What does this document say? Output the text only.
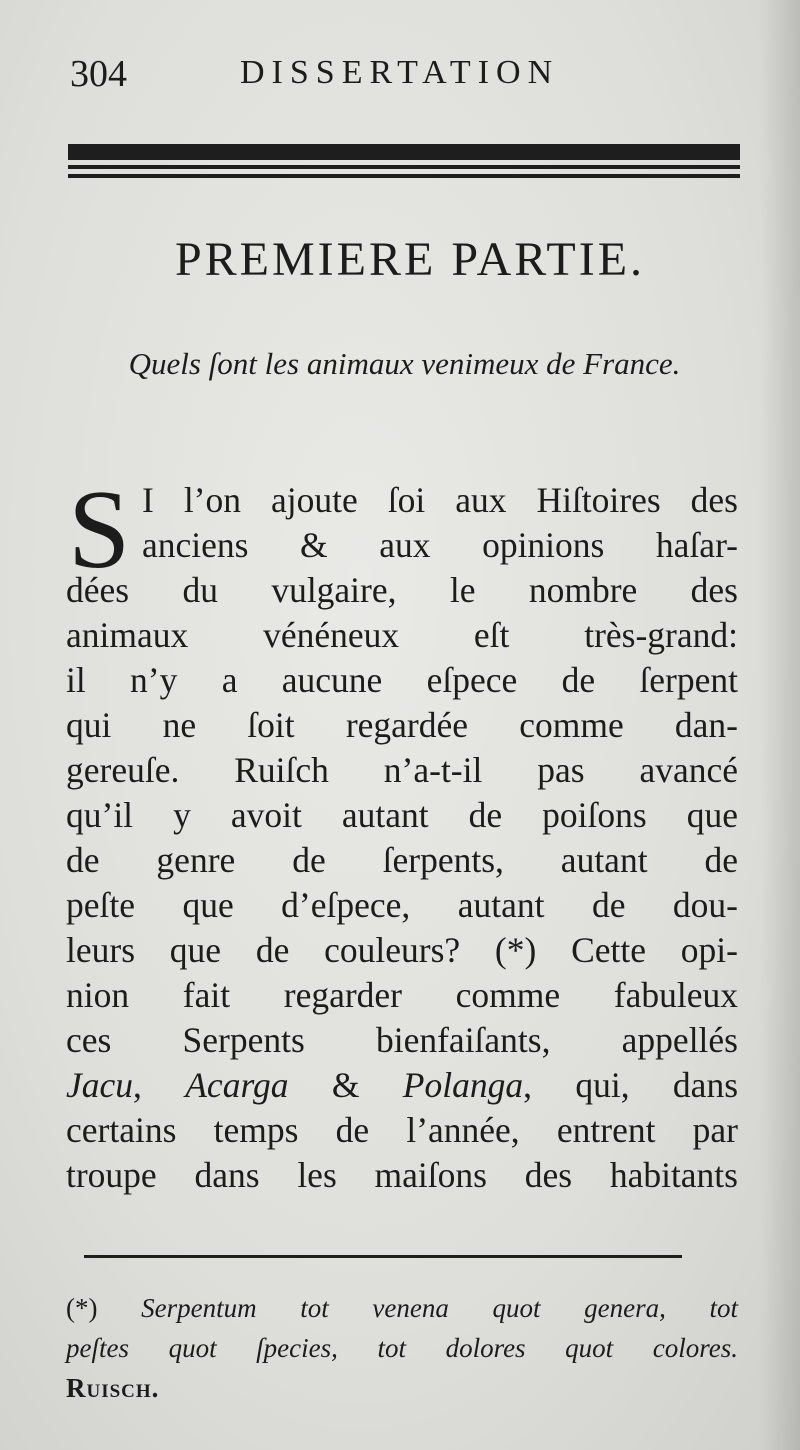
304	DISSERTATION
PREMIERE PARTIE.
Quels ſont les animaux venimeux de France.
S I l’on ajoute ſoi aux Hiſtoires des
anciens & aux opinions haſar-
dées du vulgaire, le nombre des
animaux vénéneux eſt très-grand:
il n’y a aucune eſpece de ſerpent
qui ne ſoit regardée comme dan-
gereuſe. Ruiſch n’a-t-il pas avancé
qu’il y avoit autant de poiſons que
de genre de ſerpents, autant de
peſte que d’eſpece, autant de dou-
leurs que de couleurs? (*) Cette opi-
nion fait regarder comme fabuleux
ces Serpents bienfaiſants, appellés
Jacu, Acarga & Polanga, qui, dans
certains temps de l’année, entrent par
troupe dans les maiſons des habitants
(*) Serpentum tot venena quot genera, tot
peſtes quot ſpecies, tot dolores quot colores.
Ruisch.
